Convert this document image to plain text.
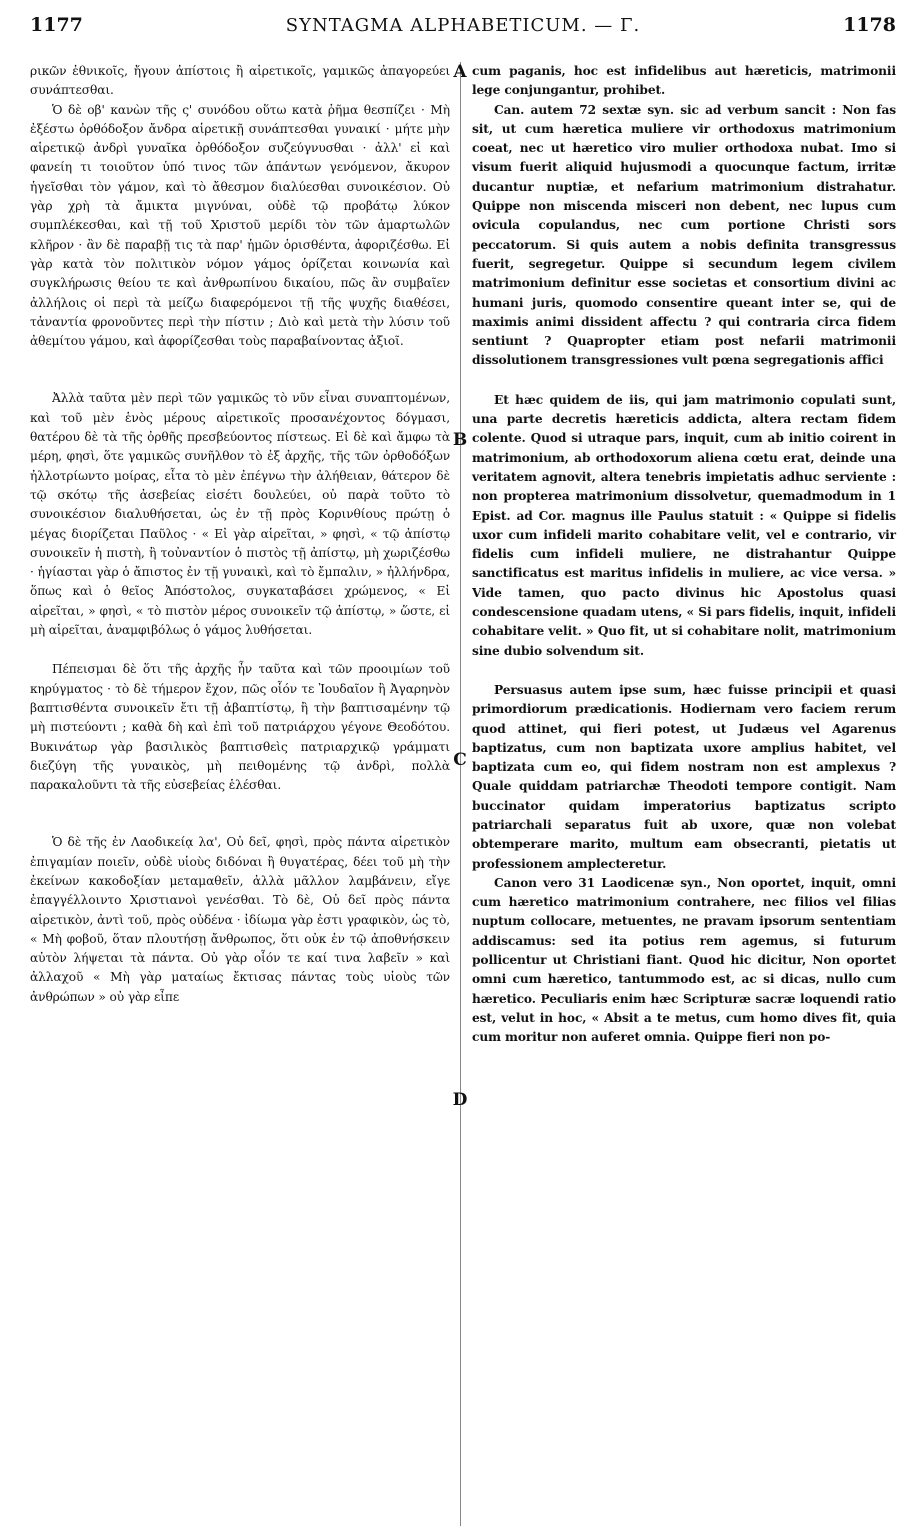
1177	SYNTAGMA ALPHABETICUM. — Γ.	1178
A
B
C
D

ρικῶν ἐθνικοῖς, ἤγουν ἀπίστοις ἢ αἱρετικοῖς, γαμικῶς ἀπαγορεύει συνάπτεσθαι.

Ὁ δὲ οβ' κανὼν τῆς ς' συνόδου οὕτω κατὰ ῥῆμα θεσπίζει · Μὴ ἐξέστω ὀρθόδοξον ἄνδρα αἱρετικῇ συνάπτεσθαι γυναικί · μήτε μὴν αἱρετικῷ ἀνδρὶ γυναῖκα ὀρθόδοξον συζεύγνυσθαι · ἀλλ' εἰ καὶ φανείη τι τοιοῦτον ὑπό τινος τῶν ἁπάντων γενόμενον, ἄκυρον ἡγεῖσθαι τὸν γάμον, καὶ τὸ ἄθεσμον διαλύεσθαι συνοικέσιον. Οὐ γὰρ χρὴ τὰ ἄμικτα μιγνύναι, οὐδὲ τῷ προβάτῳ λύκον συμπλέκεσθαι, καὶ τῇ τοῦ Χριστοῦ μερίδι τὸν τῶν ἁμαρτωλῶν κλῆρον · ἂν δὲ παραβῇ τις τὰ παρ' ἡμῶν ὁρισθέντα, ἀφοριζέσθω. Εἰ γὰρ κατὰ τὸν πολιτικὸν νόμον γάμος ὁρίζεται κοινωνία καὶ συγκλήρωσις θείου τε καὶ ἀνθρωπίνου δικαίου, πῶς ἂν συμβαῖεν ἀλλήλοις οἱ περὶ τὰ μείζω διαφερόμενοι τῇ τῆς ψυχῆς διαθέσει, τἀναντία φρονοῦντες περὶ τὴν πίστιν ; Διὸ καὶ μετὰ τὴν λύσιν τοῦ ἀθεμίτου γάμου, καὶ ἀφορίζεσθαι τοὺς παραβαίνοντας ἀξιοῖ.

Ἀλλὰ ταῦτα μὲν περὶ τῶν γαμικῶς τὸ νῦν εἶναι συναπτομένων, καὶ τοῦ μὲν ἑνὸς μέρους αἱρετικοῖς προσανέχοντος δόγμασι, θατέρου δὲ τὰ τῆς ὀρθῆς πρεσβεύοντος πίστεως. Εἰ δὲ καὶ ἄμφω τὰ μέρη, φησὶ, ὅτε γαμικῶς συνῆλθον τὸ ἐξ ἀρχῆς, τῆς τῶν ὀρθοδόξων ἠλλοτρίωντο μοίρας, εἶτα τὸ μὲν ἐπέγνω τὴν ἀλήθειαν, θάτερον δὲ τῷ σκότῳ τῆς ἀσεβείας εἰσέτι δουλεύει, οὐ παρὰ τοῦτο τὸ συνοικέσιον διαλυθήσεται, ὡς ἐν τῇ πρὸς Κορινθίους πρώτῃ ὁ μέγας διορίζεται Παῦλος · « Εἰ γὰρ αἱρεῖται, » φησὶ, « τῷ ἀπίστῳ συνοικεῖν ἡ πιστὴ, ἢ τοὐναντίον ὁ πιστὸς τῇ ἀπίστῳ, μὴ χωριζέσθω · ἡγίασται γὰρ ὁ ἄπιστος ἐν τῇ γυναικὶ, καὶ τὸ ἔμπαλιν, » ἠλλήνδρα, ὅπως καὶ ὁ θεῖος Ἀπόστολος, συγκαταβάσει χρώμενος, « Εἰ αἱρεῖται, » φησὶ, « τὸ πιστὸν μέρος συνοικεῖν τῷ ἀπίστῳ, » ὥστε, εἰ μὴ αἱρεῖται, ἀναμφιβόλως ὁ γάμος λυθήσεται.

Πέπεισμαι δὲ ὅτι τῆς ἀρχῆς ἦν ταῦτα καὶ τῶν προοιμίων τοῦ κηρύγματος · τὸ δὲ τήμερον ἔχον, πῶς οἷόν τε Ἰουδαῖον ἢ Ἀγαρηνὸν βαπτισθέντα συνοικεῖν ἔτι τῇ ἀβαπτίστῳ, ἢ τὴν βαπτισαμένην τῷ μὴ πιστεύοντι ; καθὰ δὴ καὶ ἐπὶ τοῦ πατριάρχου γέγονε Θεοδότου. Βυκινάτωρ γὰρ βασιλικὸς βαπτισθεὶς πατριαρχικῷ γράμματι διεζύγη τῆς γυναικὸς, μὴ πειθομένης τῷ ἀνδρὶ, πολλὰ παρακαλοῦντι τὰ τῆς εὐσεβείας ἑλέσθαι.

Ὁ δὲ τῆς ἐν Λαοδικείᾳ λα', Οὐ δεῖ, φησὶ, πρὸς πάντα αἱρετικὸν ἐπιγαμίαν ποιεῖν, οὐδὲ υἱοὺς διδόναι ἢ θυγατέρας, δέει τοῦ μὴ τὴν ἐκείνων κακοδοξίαν μεταμαθεῖν, ἀλλὰ μᾶλλον λαμβάνειν, εἴγε ἐπαγγέλλοιντο Χριστιανοὶ γενέσθαι. Τὸ δὲ, Οὐ δεῖ πρὸς πάντα αἱρετικὸν, ἀντὶ τοῦ, πρὸς οὐδένα · ἰδίωμα γὰρ ἐστι γραφικὸν, ὡς τὸ, « Μὴ φοβοῦ, ὅταν πλουτήσῃ ἄνθρωπος, ὅτι οὐκ ἐν τῷ ἀποθνήσκειν αὐτὸν λήψεται τὰ πάντα. Οὐ γὰρ οἷόν τε καί τινα λαβεῖν » καὶ ἀλλαχοῦ « Μὴ γὰρ ματαίως ἔκτισας πάντας τοὺς υἱοὺς τῶν ἀνθρώπων » οὐ γὰρ εἶπε

cum paganis, hoc est infidelibus aut hæreticis, matrimonii lege conjungantur, prohibet.

Can. autem 72 sextæ syn. sic ad verbum sancit : Non fas sit, ut cum hæretica muliere vir orthodoxus matrimonium coeat, nec ut hæretico viro mulier orthodoxa nubat. Imo si visum fuerit aliquid hujusmodi a quocunque factum, irritæ ducantur nuptiæ, et nefarium matrimonium distrahatur. Quippe non miscenda misceri non debent, nec lupus cum oviculа copulandus, nec cum portione Christi sors peccatorum. Si quis autem a nobis definita transgressus fuerit, segregetur. Quippe si secundum legem civilem matrimonium definitur esse societas et consortium divini ac humani juris, quomodo consentire queant inter se, qui de maximis animi dissident affectu ? qui contraria circa fidem sentiunt ? Quapropter etiam post nefarii matrimonii dissolutionem transgressiones vult pœna segregationis affici

Et hæc quidem de iis, qui jam matrimonio copulati sunt, una parte decretis hæreticis addicta, altera rectam fidem colente. Quod si utraque pars, inquit, cum ab initio coirent in matrimonium, ab orthodoxorum aliena cœtu erat, deinde una veritatem agnovit, altera tenebris impietatis adhuc serviente : non propterea matrimonium dissolvetur, quemadmodum in 1 Epist. ad Cor. magnus ille Paulus statuit : « Quippe si fidelis uxor cum infideli marito cohabitare velit, vel e contrario, vir fidelis cum infideli muliere, ne distrahantur Quippe sanctificatus est maritus infidelis in muliere, ac vice versa. » Vide tamen, quo pacto divinus hic Apostolus quasi condescensione quadam utens, « Si pars fidelis, inquit, infideli cohabitare velit. » Quo fit, ut si cohabitare nolit, matrimonium sine dubio solvendum sit.

Persuasus autem ipse sum, hæc fuisse principii et quasi primordiorum prædicationis. Hodiernam vero faciem rerum quod attinet, qui fieri potest, ut Judæus vel Agarenus baptizatus, cum non baptizata uxore amplius habitet, vel baptizata cum eo, qui fidem nostram non est amplexus ? Quale quiddam patriarchæ Theodoti tempore contigit. Nam buccinator quidam imperatorius baptizatus scripto patriarchali separatus fuit ab uxore, quæ non volebat obtemperare marito, multum eam obsecranti, pietatis ut professionem amplecteretur.

Canon vero 31 Laodicenæ syn., Non oportet, inquit, omni cum hæretico matrimonium contrahere, nec filios vel filias nuptum collocare, metuentes, ne pravam ipsorum sententiam addiscamus: sed ita potius rem agemus, si futurum pollicentur ut Christiani fiant. Quod hic dicitur, Non oportet omni cum hæretico, tantummodo est, ac si dicas, nullo cum hæretico. Peculiaris enim hæc Scripturæ sacræ loquendi ratio est, velut in hoc, « Absit a te metus, cum homo dives fit, quia cum moritur non auferet omnia. Quippe fieri non po-
